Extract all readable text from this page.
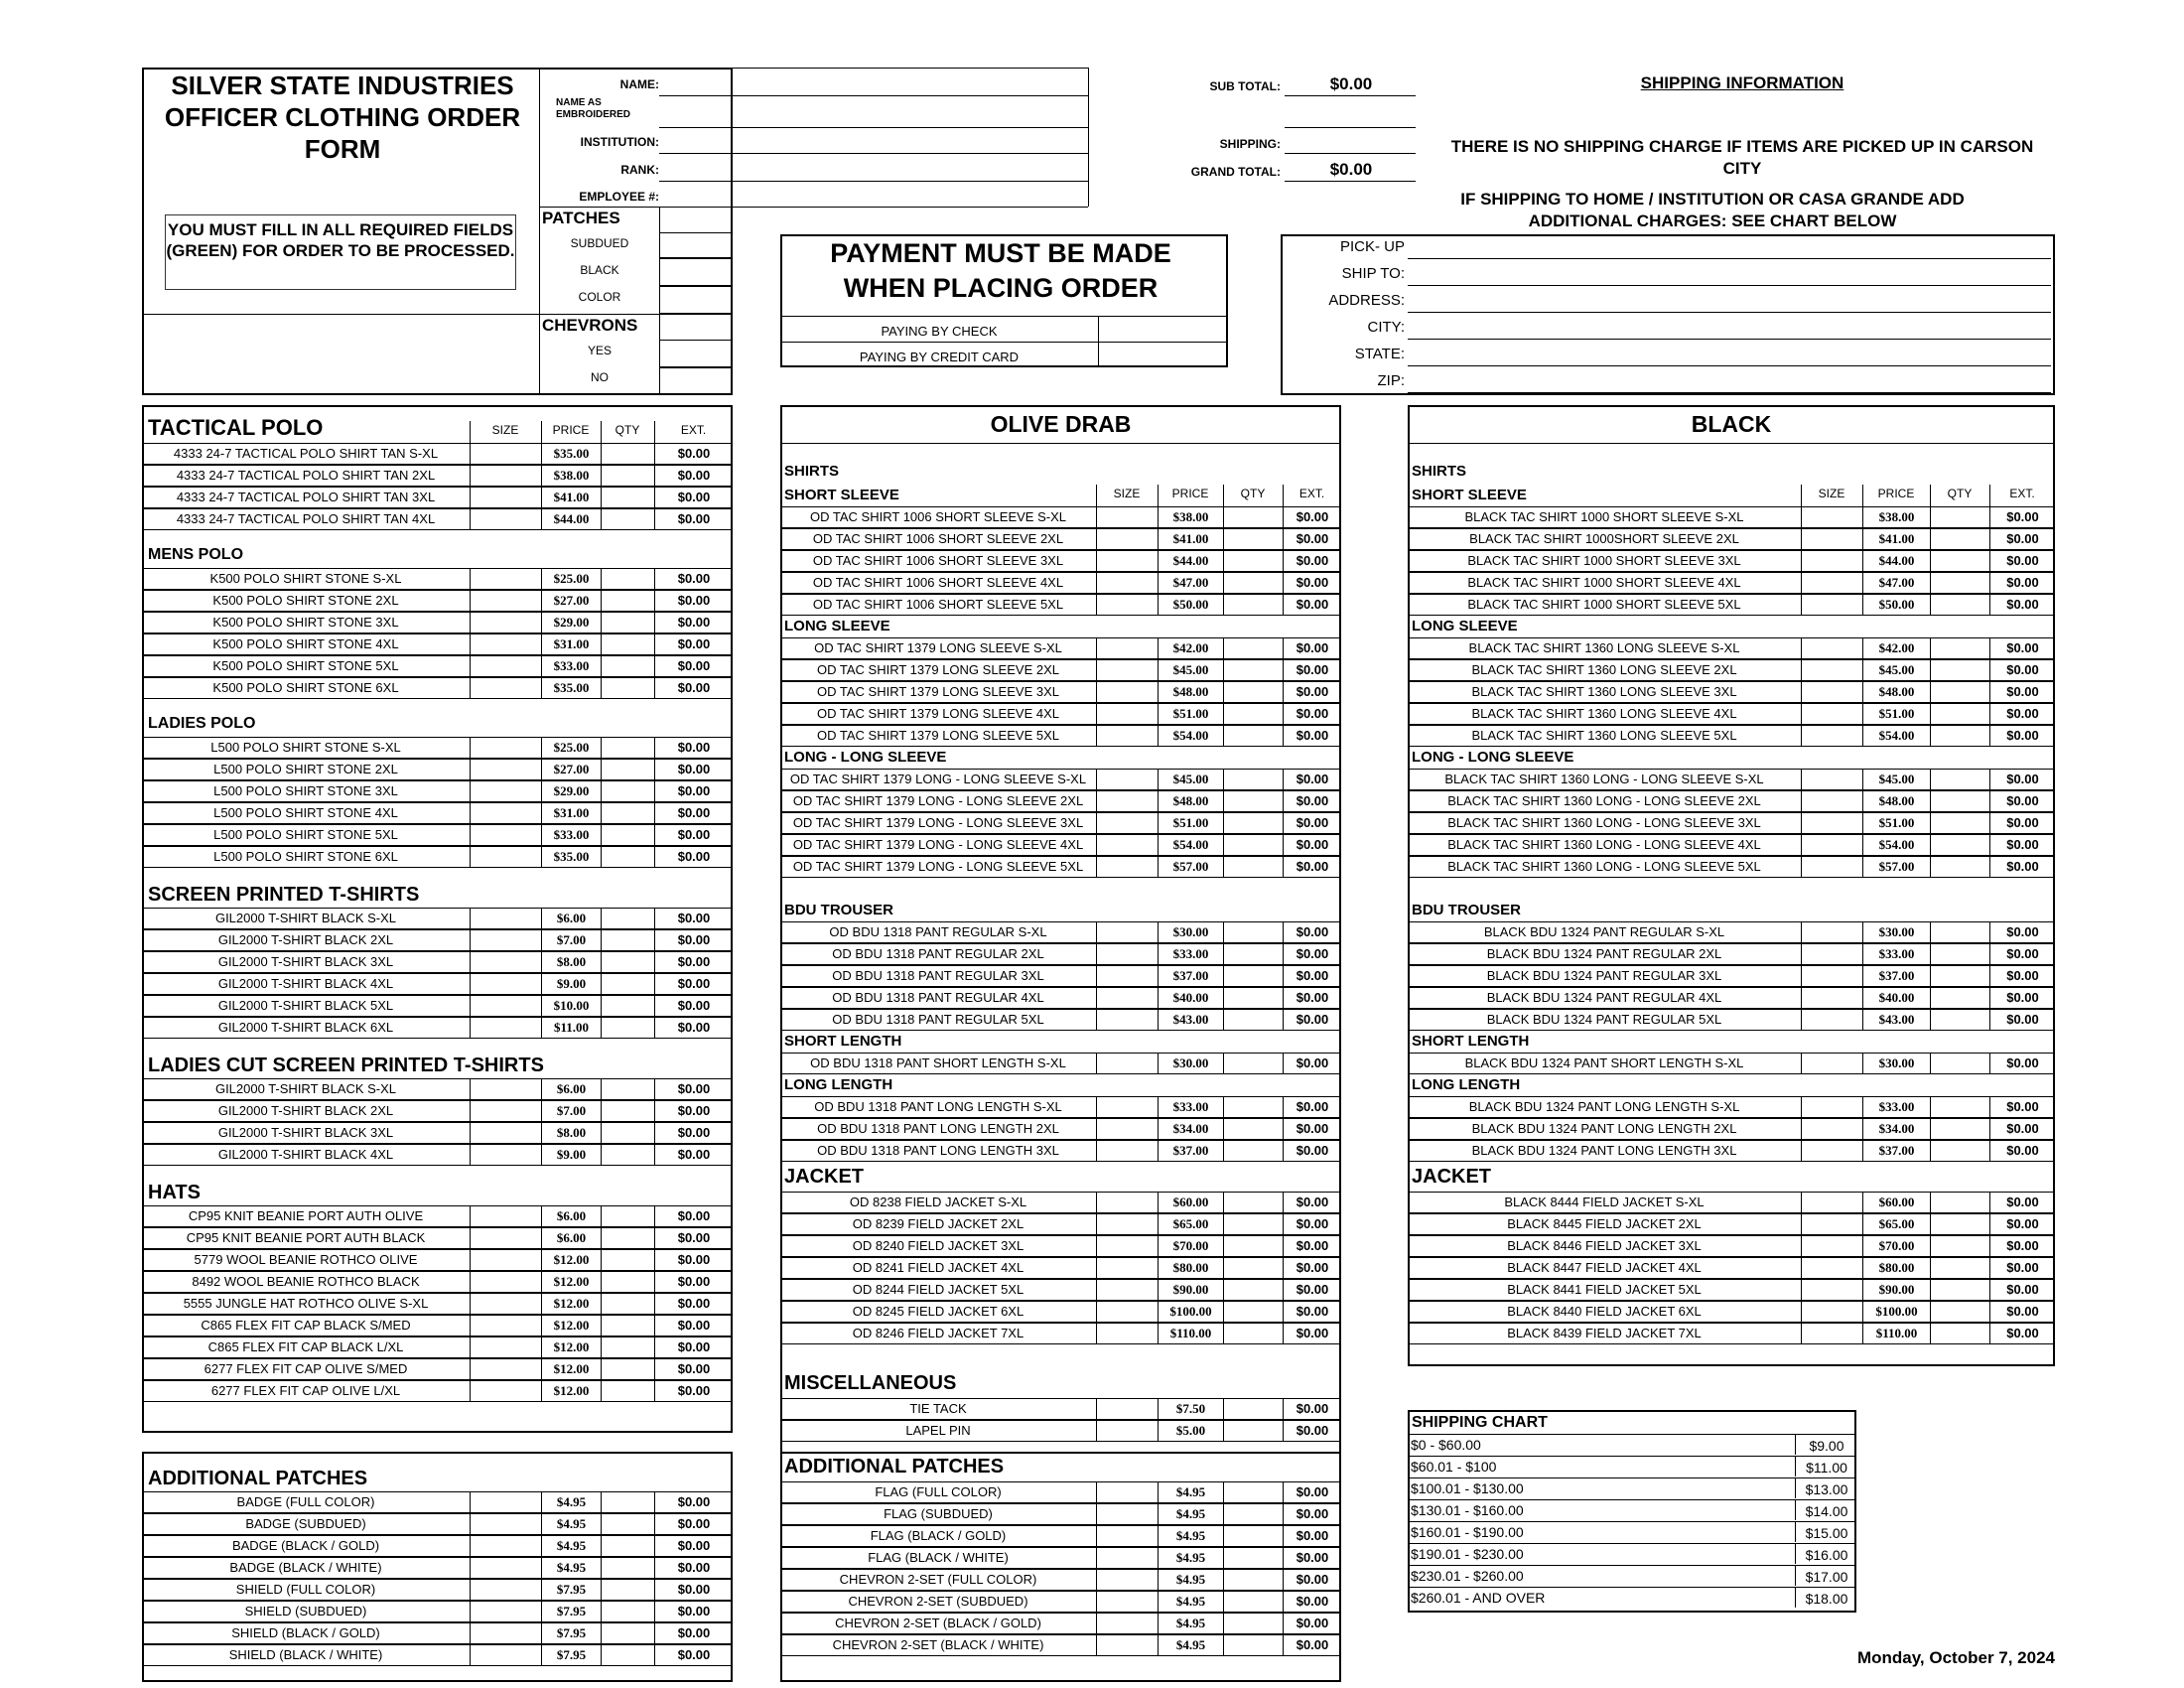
SILVER STATE INDUSTRIES
OFFICER CLOTHING ORDER
FORM
YOU MUST FILL IN ALL REQUIRED FIELDS (GREEN) FOR ORDER TO BE PROCESSED.
NAME:
NAME AS EMBROIDERED
INSTITUTION:
RANK:
EMPLOYEE #:
PATCHES
SUBDUED
BLACK
COLOR
CHEVRONS
YES
NO
PAYMENT MUST BE MADE
WHEN PLACING ORDER
PAYING BY CHECK
PAYING BY CREDIT CARD
SUB TOTAL:	$0.00
SHIPPING:
GRAND TOTAL:	$0.00
SHIPPING INFORMATION
THERE IS NO SHIPPING CHARGE IF ITEMS ARE PICKED UP IN CARSON
CITY
IF SHIPPING TO HOME / INSTITUTION OR CASA GRANDE ADD
ADDITIONAL CHARGES: SEE CHART BELOW
PICK- UP
SHIP TO:
ADDRESS:
CITY:
STATE:
ZIP:
TACTICAL POLO	SIZE	PRICE	QTY	EXT.
4333 24-7 TACTICAL POLO SHIRT TAN S-XL	$35.00	$0.00
4333 24-7 TACTICAL POLO SHIRT TAN 2XL	$38.00	$0.00
4333 24-7 TACTICAL POLO SHIRT TAN 3XL	$41.00	$0.00
4333 24-7 TACTICAL POLO SHIRT TAN 4XL	$44.00	$0.00
MENS POLO
K500 POLO SHIRT STONE S-XL	$25.00	$0.00
K500 POLO SHIRT STONE 2XL	$27.00	$0.00
K500 POLO SHIRT STONE 3XL	$29.00	$0.00
K500 POLO SHIRT STONE 4XL	$31.00	$0.00
K500 POLO SHIRT STONE 5XL	$33.00	$0.00
K500 POLO SHIRT STONE 6XL	$35.00	$0.00
LADIES POLO
L500 POLO SHIRT STONE S-XL	$25.00	$0.00
L500 POLO SHIRT STONE 2XL	$27.00	$0.00
L500 POLO SHIRT STONE 3XL	$29.00	$0.00
L500 POLO SHIRT STONE 4XL	$31.00	$0.00
L500 POLO SHIRT STONE 5XL	$33.00	$0.00
L500 POLO SHIRT STONE 6XL	$35.00	$0.00
SCREEN PRINTED T-SHIRTS
GIL2000 T-SHIRT BLACK S-XL	$6.00	$0.00
GIL2000 T-SHIRT BLACK 2XL	$7.00	$0.00
GIL2000 T-SHIRT BLACK 3XL	$8.00	$0.00
GIL2000 T-SHIRT BLACK 4XL	$9.00	$0.00
GIL2000 T-SHIRT BLACK 5XL	$10.00	$0.00
GIL2000 T-SHIRT BLACK 6XL	$11.00	$0.00
LADIES CUT SCREEN PRINTED T-SHIRTS
GIL2000 T-SHIRT BLACK S-XL	$6.00	$0.00
GIL2000 T-SHIRT BLACK 2XL	$7.00	$0.00
GIL2000 T-SHIRT BLACK 3XL	$8.00	$0.00
GIL2000 T-SHIRT BLACK 4XL	$9.00	$0.00
HATS
CP95 KNIT BEANIE PORT AUTH OLIVE	$6.00	$0.00
CP95 KNIT BEANIE PORT AUTH BLACK	$6.00	$0.00
5779 WOOL BEANIE ROTHCO OLIVE	$12.00	$0.00
8492 WOOL BEANIE ROTHCO BLACK	$12.00	$0.00
5555 JUNGLE HAT ROTHCO OLIVE S-XL	$12.00	$0.00
C865 FLEX FIT CAP BLACK S/MED	$12.00	$0.00
C865 FLEX FIT CAP BLACK L/XL	$12.00	$0.00
6277 FLEX FIT CAP OLIVE S/MED	$12.00	$0.00
6277 FLEX FIT CAP OLIVE L/XL	$12.00	$0.00
ADDITIONAL PATCHES
BADGE (FULL COLOR)	$4.95	$0.00
BADGE (SUBDUED)	$4.95	$0.00
BADGE (BLACK / GOLD)	$4.95	$0.00
BADGE (BLACK / WHITE)	$4.95	$0.00
SHIELD (FULL COLOR)	$7.95	$0.00
SHIELD (SUBDUED)	$7.95	$0.00
SHIELD (BLACK / GOLD)	$7.95	$0.00
SHIELD (BLACK / WHITE)	$7.95	$0.00
OLIVE DRAB
SHIRTS
SHORT SLEEVE	SIZE	PRICE	QTY	EXT.
OD TAC SHIRT 1006 SHORT SLEEVE S-XL	$38.00	$0.00
OD TAC SHIRT 1006 SHORT SLEEVE 2XL	$41.00	$0.00
OD TAC SHIRT 1006 SHORT SLEEVE 3XL	$44.00	$0.00
OD TAC SHIRT 1006 SHORT SLEEVE 4XL	$47.00	$0.00
OD TAC SHIRT 1006 SHORT SLEEVE 5XL	$50.00	$0.00
LONG SLEEVE
OD TAC SHIRT 1379 LONG SLEEVE S-XL	$42.00	$0.00
OD TAC SHIRT 1379 LONG SLEEVE 2XL	$45.00	$0.00
OD TAC SHIRT 1379 LONG SLEEVE 3XL	$48.00	$0.00
OD TAC SHIRT 1379 LONG SLEEVE 4XL	$51.00	$0.00
OD TAC SHIRT 1379 LONG SLEEVE 5XL	$54.00	$0.00
LONG - LONG SLEEVE
OD TAC SHIRT 1379 LONG - LONG SLEEVE S-XL	$45.00	$0.00
OD TAC SHIRT 1379 LONG - LONG SLEEVE 2XL	$48.00	$0.00
OD TAC SHIRT 1379 LONG - LONG SLEEVE 3XL	$51.00	$0.00
OD TAC SHIRT 1379 LONG - LONG SLEEVE 4XL	$54.00	$0.00
OD TAC SHIRT 1379 LONG - LONG SLEEVE 5XL	$57.00	$0.00
BDU TROUSER
OD BDU 1318 PANT REGULAR S-XL	$30.00	$0.00
OD BDU 1318 PANT REGULAR 2XL	$33.00	$0.00
OD BDU 1318 PANT REGULAR 3XL	$37.00	$0.00
OD BDU 1318 PANT REGULAR 4XL	$40.00	$0.00
OD BDU 1318 PANT REGULAR 5XL	$43.00	$0.00
SHORT LENGTH
OD BDU 1318 PANT SHORT LENGTH S-XL	$30.00	$0.00
LONG LENGTH
OD BDU 1318 PANT LONG LENGTH S-XL	$33.00	$0.00
OD BDU 1318 PANT LONG LENGTH 2XL	$34.00	$0.00
OD BDU 1318 PANT LONG LENGTH 3XL	$37.00	$0.00
JACKET
OD 8238 FIELD JACKET S-XL	$60.00	$0.00
OD 8239 FIELD JACKET 2XL	$65.00	$0.00
OD 8240 FIELD JACKET 3XL	$70.00	$0.00
OD 8241 FIELD JACKET 4XL	$80.00	$0.00
OD 8244 FIELD JACKET 5XL	$90.00	$0.00
OD 8245 FIELD JACKET 6XL	$100.00	$0.00
OD 8246 FIELD JACKET 7XL	$110.00	$0.00
MISCELLANEOUS
TIE TACK	$7.50	$0.00
LAPEL PIN	$5.00	$0.00
ADDITIONAL PATCHES
FLAG (FULL COLOR)	$4.95	$0.00
FLAG (SUBDUED)	$4.95	$0.00
FLAG (BLACK / GOLD)	$4.95	$0.00
FLAG (BLACK / WHITE)	$4.95	$0.00
CHEVRON 2-SET (FULL COLOR)	$4.95	$0.00
CHEVRON 2-SET (SUBDUED)	$4.95	$0.00
CHEVRON 2-SET (BLACK / GOLD)	$4.95	$0.00
CHEVRON 2-SET (BLACK / WHITE)	$4.95	$0.00
BLACK
SHIRTS
SHORT SLEEVE	SIZE	PRICE	QTY	EXT.
BLACK TAC SHIRT 1000 SHORT SLEEVE S-XL	$38.00	$0.00
BLACK TAC SHIRT 1000SHORT SLEEVE 2XL	$41.00	$0.00
BLACK TAC SHIRT 1000 SHORT SLEEVE 3XL	$44.00	$0.00
BLACK TAC SHIRT 1000 SHORT SLEEVE 4XL	$47.00	$0.00
BLACK TAC SHIRT 1000 SHORT SLEEVE 5XL	$50.00	$0.00
LONG SLEEVE
BLACK TAC SHIRT 1360 LONG SLEEVE S-XL	$42.00	$0.00
BLACK TAC SHIRT 1360 LONG SLEEVE 2XL	$45.00	$0.00
BLACK TAC SHIRT 1360 LONG SLEEVE 3XL	$48.00	$0.00
BLACK TAC SHIRT 1360 LONG SLEEVE 4XL	$51.00	$0.00
BLACK TAC SHIRT 1360 LONG SLEEVE 5XL	$54.00	$0.00
LONG - LONG SLEEVE
BLACK TAC SHIRT 1360 LONG - LONG SLEEVE S-XL	$45.00	$0.00
BLACK TAC SHIRT 1360 LONG - LONG SLEEVE 2XL	$48.00	$0.00
BLACK TAC SHIRT 1360 LONG - LONG SLEEVE 3XL	$51.00	$0.00
BLACK TAC SHIRT 1360 LONG - LONG SLEEVE 4XL	$54.00	$0.00
BLACK TAC SHIRT 1360 LONG - LONG SLEEVE 5XL	$57.00	$0.00
BDU TROUSER
BLACK BDU 1324 PANT REGULAR S-XL	$30.00	$0.00
BLACK BDU 1324 PANT REGULAR 2XL	$33.00	$0.00
BLACK BDU 1324 PANT REGULAR 3XL	$37.00	$0.00
BLACK BDU 1324 PANT REGULAR 4XL	$40.00	$0.00
BLACK BDU 1324 PANT REGULAR 5XL	$43.00	$0.00
SHORT LENGTH
BLACK BDU 1324 PANT SHORT LENGTH S-XL	$30.00	$0.00
LONG LENGTH
BLACK BDU 1324 PANT LONG LENGTH S-XL	$33.00	$0.00
BLACK BDU 1324 PANT LONG LENGTH 2XL	$34.00	$0.00
BLACK BDU 1324 PANT LONG LENGTH 3XL	$37.00	$0.00
JACKET
BLACK 8444 FIELD JACKET S-XL	$60.00	$0.00
BLACK 8445 FIELD JACKET 2XL	$65.00	$0.00
BLACK 8446 FIELD JACKET 3XL	$70.00	$0.00
BLACK 8447 FIELD JACKET 4XL	$80.00	$0.00
BLACK 8441 FIELD JACKET 5XL	$90.00	$0.00
BLACK 8440 FIELD JACKET 6XL	$100.00	$0.00
BLACK 8439 FIELD JACKET 7XL	$110.00	$0.00
SHIPPING CHART
$0 - $60.00	$9.00
$60.01 - $100	$11.00
$100.01 - $130.00	$13.00
$130.01 - $160.00	$14.00
$160.01 - $190.00	$15.00
$190.01 - $230.00	$16.00
$230.01 - $260.00	$17.00
$260.01 - AND OVER	$18.00
Monday, October 7, 2024
